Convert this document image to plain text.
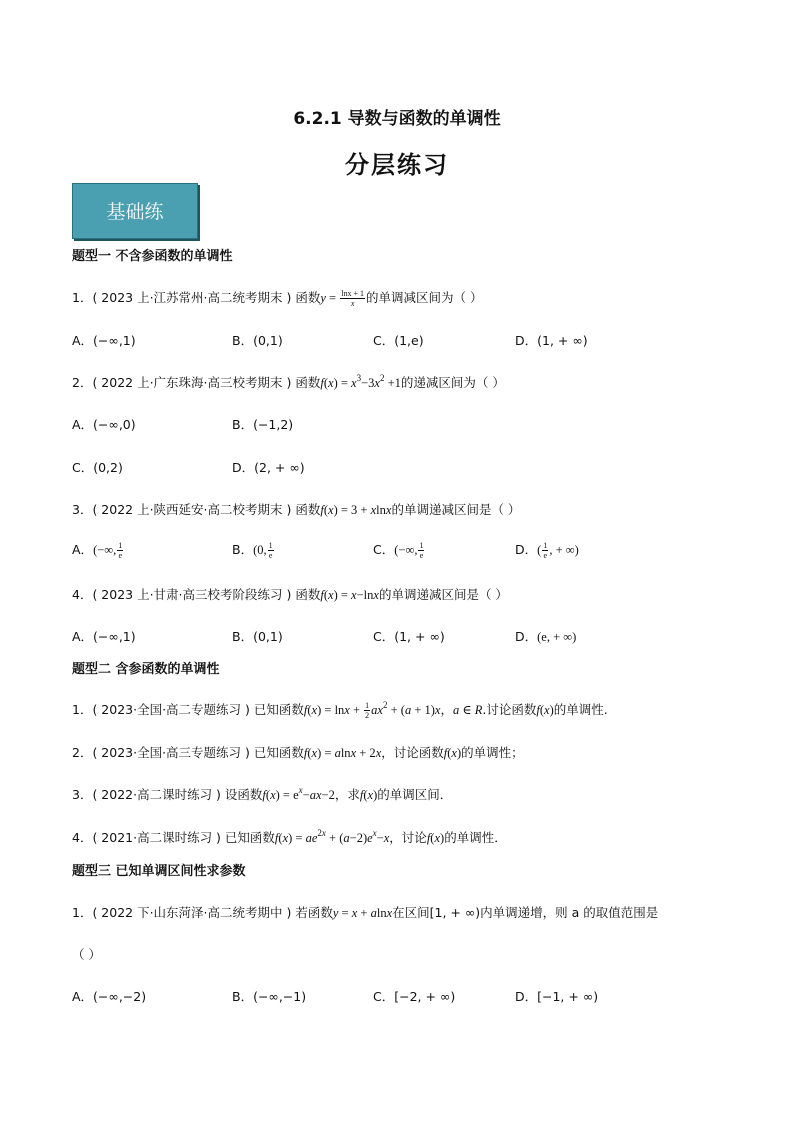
6.2.1 导数与函数的单调性
分层练习
基础练
题型一 不含参函数的单调性
1．( 2023 上·江苏常州·高二统考期末 ) 函数$y = \frac{\ln x + 1}{x}$ 的单调减区间为（ ）
A．(−∞,1)	B．(0,1)	C．(1,e)	D．(1, + ∞)
2．( 2022 上·广东珠海·高三校考期末 ) 函数$f(x) = x^3-3x^2 +1$的递减区间为（ ）
A．(−∞,0)	B．(−1,2)
C．(0,2)	D．(2, + ∞)
3．( 2022 上·陕西延安·高二校考期末 ) 函数f(x) = 3 + xlnx的单调递减区间是（ ）
A．(−∞, $\frac{1}{e}$	B．(0, $\frac{1}{e}$	C．(−∞, $\frac{1}{e}$	D．( $\frac{1}{e}$ , + ∞)
4．( 2023 上·甘肃·高三校考阶段练习 ) 函数f(x) = x−lnx的单调递减区间是（ ）
A．(−∞,1)	B．(0,1)	C．(1, + ∞)	D．(e, + ∞)
题型二 含参函数的单调性
1．( 2023·全国·高二专题练习 ) 已知函数$f(x) = \ln x + \frac{1}{2} ax^2 + (a + 1)x$，a ∈ R.讨论函数f(x)的单调性.
2．( 2023·全国·高三专题练习 ) 已知函数f(x) = alnx + 2x，讨论函数f(x)的单调性；
3．( 2022·高二课时练习 ) 设函数$f(x) = e^x-ax-2$，求f(x)的单调区间．
4．( 2021·高二课时练习 ) 已知函数$f(x) = ae^{2x} + (a-2)e^x-x$，讨论f(x)的单调性．
题型三 已知单调区间性求参数
1．( 2022 下·山东菏泽·高二统考期中 ) 若函数y = x + alnx在区间[1, + ∞)内单调递增，则 a 的取值范围是
（ ）
A．(−∞,−2)	B．(−∞,−1)	C．[−2, + ∞)	D．[−1, + ∞)
